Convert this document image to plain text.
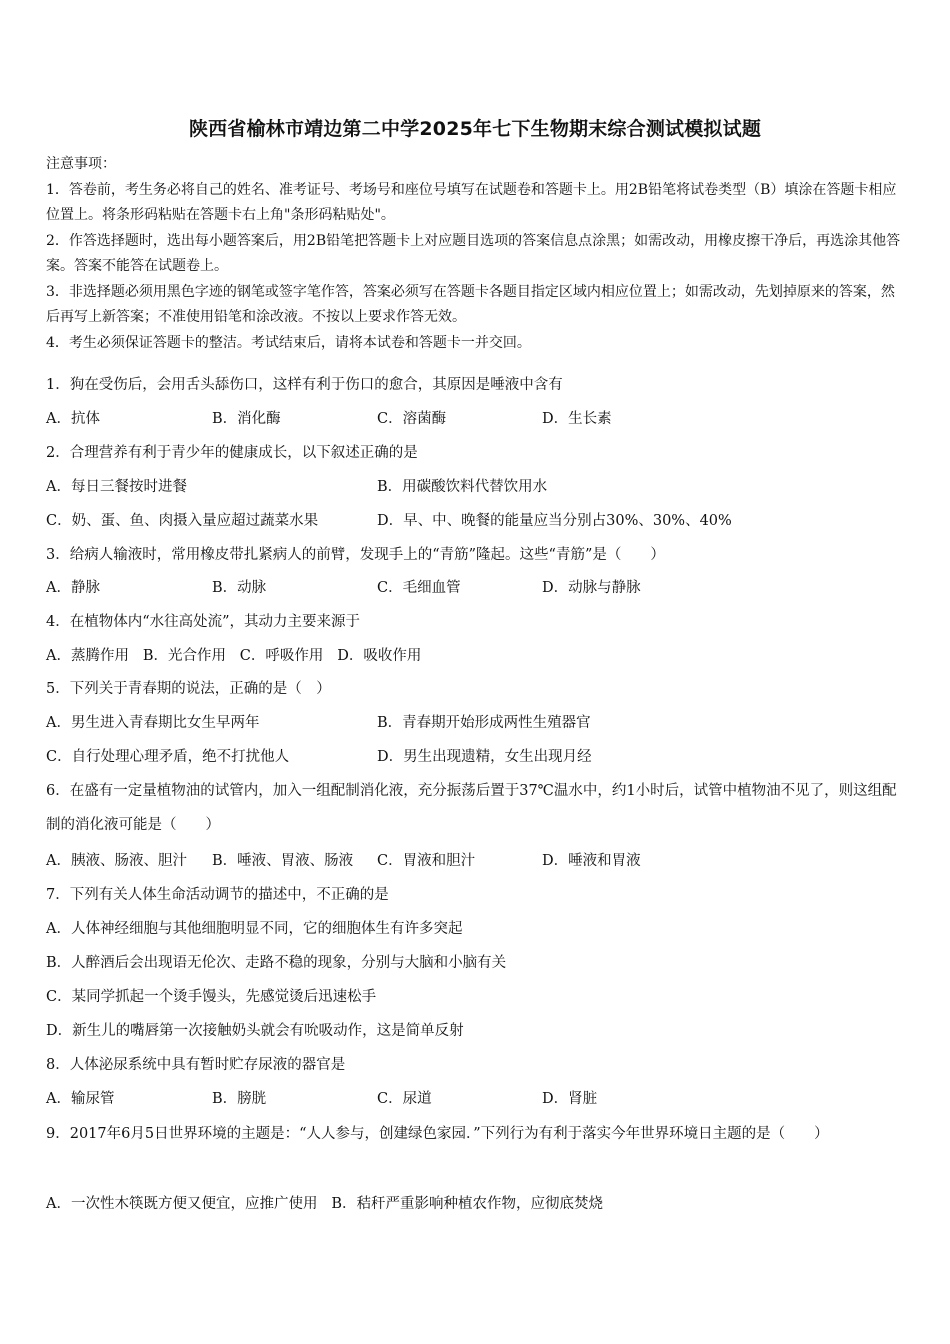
陕西省榆林市靖边第二中学2025年七下生物期末综合测试模拟试题

注意事项：

1．答卷前，考生务必将自己的姓名、准考证号、考场号和座位号填写在试题卷和答题卡上。用2B铅笔将试卷类型（B）填涂在答题卡相应位置上。将条形码粘贴在答题卡右上角"条形码粘贴处"。

2．作答选择题时，选出每小题答案后，用2B铅笔把答题卡上对应题目选项的答案信息点涂黑；如需改动，用橡皮擦干净后，再选涂其他答案。答案不能答在试题卷上。

3．非选择题必须用黑色字迹的钢笔或签字笔作答，答案必须写在答题卡各题目指定区域内相应位置上；如需改动，先划掉原来的答案，然后再写上新答案；不准使用铅笔和涂改液。不按以上要求作答无效。

4．考生必须保证答题卡的整洁。考试结束后，请将本试卷和答题卡一并交回。

1．狗在受伤后，会用舌头舔伤口，这样有利于伤口的愈合，其原因是唾液中含有
A．抗体	B．消化酶	C．溶菌酶	D．生长素
2．合理营养有利于青少年的健康成长，以下叙述正确的是
A．每日三餐按时进餐	B．用碳酸饮料代替饮用水
C．奶、蛋、鱼、肉摄入量应超过蔬菜水果	D．早、中、晚餐的能量应当分别占30%、30%、40%
3．给病人输液时，常用橡皮带扎紧病人的前臂，发现手上的“青筋”隆起。这些“青筋”是（　　）
A．静脉	B．动脉	C．毛细血管	D．动脉与静脉
4．在植物体内“水往高处流”，其动力主要来源于
A．蒸腾作用 B．光合作用 C．呼吸作用 D．吸收作用
5．下列关于青春期的说法，正确的是（　）
A．男生进入青春期比女生早两年	B．青春期开始形成两性生殖器官
C．自行处理心理矛盾，绝不打扰他人	D．男生出现遗精，女生出现月经
6．在盛有一定量植物油的试管内，加入一组配制消化液，充分振荡后置于37℃温水中，约1小时后，试管中植物油不见了，则这组配制的消化液可能是（　　）
A．胰液、肠液、胆汁 B．唾液、胃液、肠液 C．胃液和胆汁	D．唾液和胃液
7．下列有关人体生命活动调节的描述中，不正确的是
A．人体神经细胞与其他细胞明显不同，它的细胞体生有许多突起
B．人醉酒后会出现语无伦次、走路不稳的现象，分别与大脑和小脑有关
C．某同学抓起一个烫手馒头，先感觉烫后迅速松手
D．新生儿的嘴唇第一次接触奶头就会有吮吸动作，这是简单反射
8．人体泌尿系统中具有暂时贮存尿液的器官是
A．输尿管	B．膀胱	C．尿道	D．肾脏
9．2017年6月5日世界环境的主题是：“人人参与，创建绿色家园．”下列行为有利于落实今年世界环境日主题的是（　　）
A．一次性木筷既方便又便宜，应推广使用 B．秸秆严重影响种植农作物，应彻底焚烧
